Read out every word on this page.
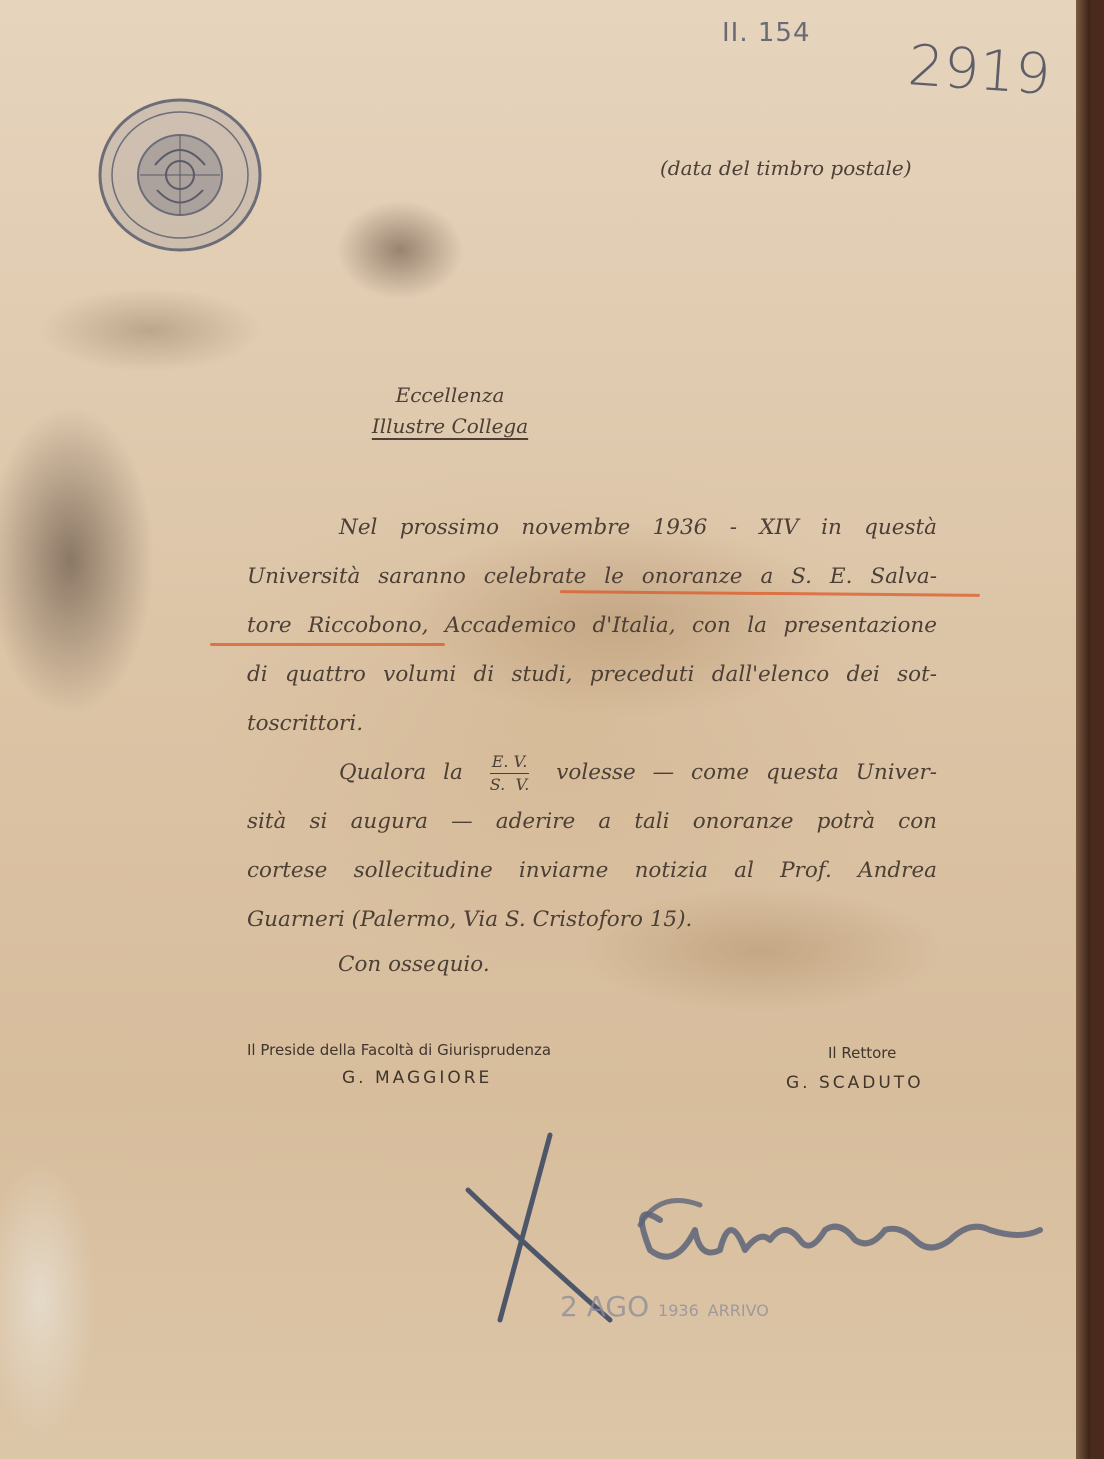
II. 154
2919
(data del timbro postale)
Eccellenza
Illustre Collega
Nel prossimo novembre 1936 - XIV in questà
Università saranno celebrate le onoranze a S. E. Salva-
tore Riccobono, Accademico d'Italia, con la presentazione
di quattro volumi di studi, preceduti dall'elenco dei sot-
toscrittori.
Qualora la $\frac{E. V.}{S. V.}$ volesse — come questa Univer-
sità si augura — aderire a tali onoranze potrà con
cortese sollecitudine inviarne notizia al Prof. Andrea
Guarneri (Palermo, Via S. Cristoforo 15).
Con ossequio.
Il Preside della Facoltà di Giurisprudenza
G. MAGGIORE
Il Rettore
G. SCADUTO
2 AGO 1936 ARRIVO
